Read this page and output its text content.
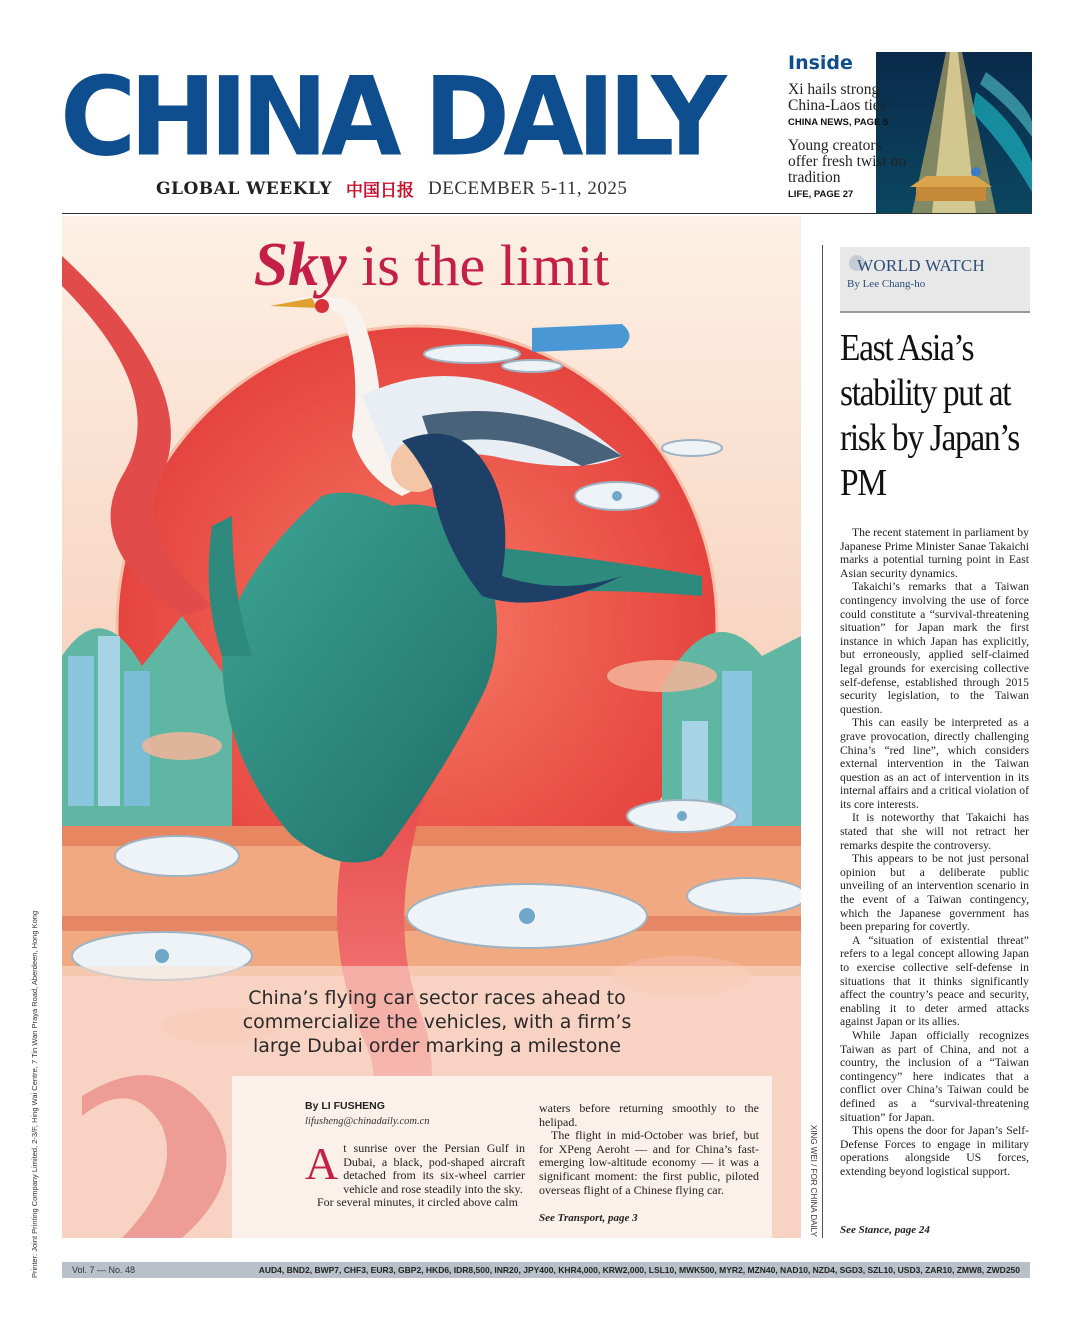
CHINA DAILY
GLOBAL WEEKLY 中国日报 DECEMBER 5-11, 2025
Inside
Xi hails strong China-Laos ties
CHINA NEWS, PAGE 5
Young creators offer fresh twist on tradition
LIFE, PAGE 27
Sky is the limit
China’s flying car sector races ahead to commercialize the vehicles, with a firm’s large Dubai order marking a milestone
By LI FUSHENG
lifusheng@chinadaily.com.cn
A t sunrise over the Persian Gulf in Dubai, a black, pod-shaped aircraft detached from its six-wheel carrier vehicle and rose steadily into the sky.

For several minutes, it circled above calm

waters before returning smoothly to the helipad.

The flight in mid-October was brief, but for XPeng Aeroht — and for China’s fast-emerging low-altitude economy — it was a significant moment: the first public, piloted overseas flight of a Chinese flying car.

See Transport, page 3	XING WEI / FOR CHINA DAILY
Printer: Joint Printing Company Limited, 2-3/F, Hing Wai Centre, 7 Tin Wan Praya Road, Aberdeen, Hong Kong
WORLD WATCH
By Lee Chang-ho
East Asia’s stability put at risk by Japan’s PM

The recent statement in parliament by Japanese Prime Minister Sanae Takaichi marks a potential turning point in East Asian security dynamics.

Takaichi’s remarks that a Taiwan contingency involving the use of force could constitute a “survival-threatening situation” for Japan mark the first instance in which Japan has explicitly, but erroneously, applied self-claimed legal grounds for exercising collective self-defense, established through 2015 security legislation, to the Taiwan question.

This can easily be interpreted as a grave provocation, directly challenging China’s “red line”, which considers external intervention in the Taiwan question as an act of intervention in its internal affairs and a critical violation of its core interests.

It is noteworthy that Takaichi has stated that she will not retract her remarks despite the controversy.

This appears to be not just personal opinion but a deliberate public unveiling of an intervention scenario in the event of a Taiwan contingency, which the Japanese government has been preparing for covertly.

A “situation of existential threat” refers to a legal concept allowing Japan to exercise collective self-defense in situations that it thinks significantly affect the country’s peace and security, enabling it to deter armed attacks against Japan or its allies.

While Japan officially recognizes Taiwan as part of China, and not a country, the inclusion of a “Taiwan contingency” here indicates that a conflict over China’s Taiwan could be defined as a “survival-threatening situation” for Japan.

This opens the door for Japan’s Self-Defense Forces to engage in military operations alongside US forces, extending beyond logistical support.

See Stance, page 24
Vol. 7 — No. 48	AUD4, BND2, BWP7, CHF3, EUR3, GBP2, HKD6, IDR8,500, INR20, JPY400, KHR4,000, KRW2,000, LSL10, MWK500, MYR2, MZN40, NAD10, NZD4, SGD3, SZL10, USD3, ZAR10, ZMW8, ZWD250
